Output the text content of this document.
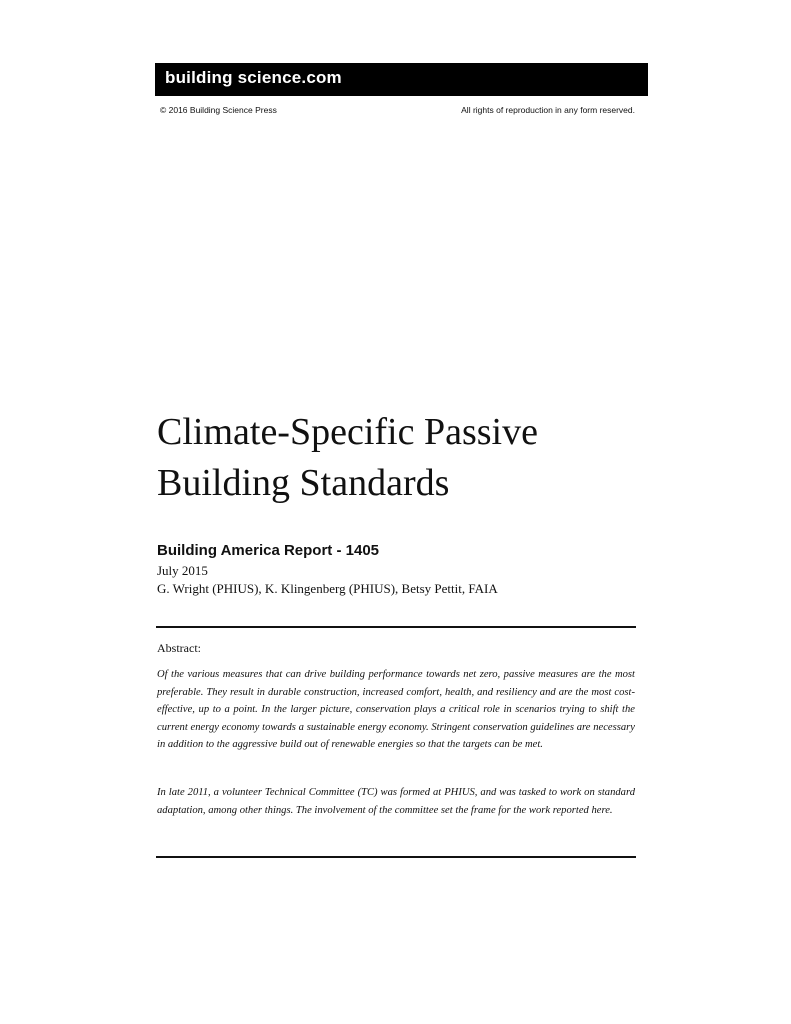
building science.com
© 2016 Building Science Press	All rights of reproduction in any form reserved.
Climate-Specific Passive
Building Standards
Building America Report - 1405
July 2015
G. Wright (PHIUS), K. Klingenberg (PHIUS), Betsy Pettit, FAIA
Abstract:

Of the various measures that can drive building performance towards net zero, passive measures are the most preferable. They result in durable construction, increased comfort, health, and resiliency and are the most cost-effective, up to a point. In the larger picture, conservation plays a critical role in scenarios trying to shift the current energy economy towards a sustainable energy economy. Stringent conservation guidelines are necessary in addition to the aggressive build out of renewable energies so that the targets can be met.

In late 2011, a volunteer Technical Committee (TC) was formed at PHIUS, and was tasked to work on standard adaptation, among other things. The involvement of the committee set the frame for the work reported here.
